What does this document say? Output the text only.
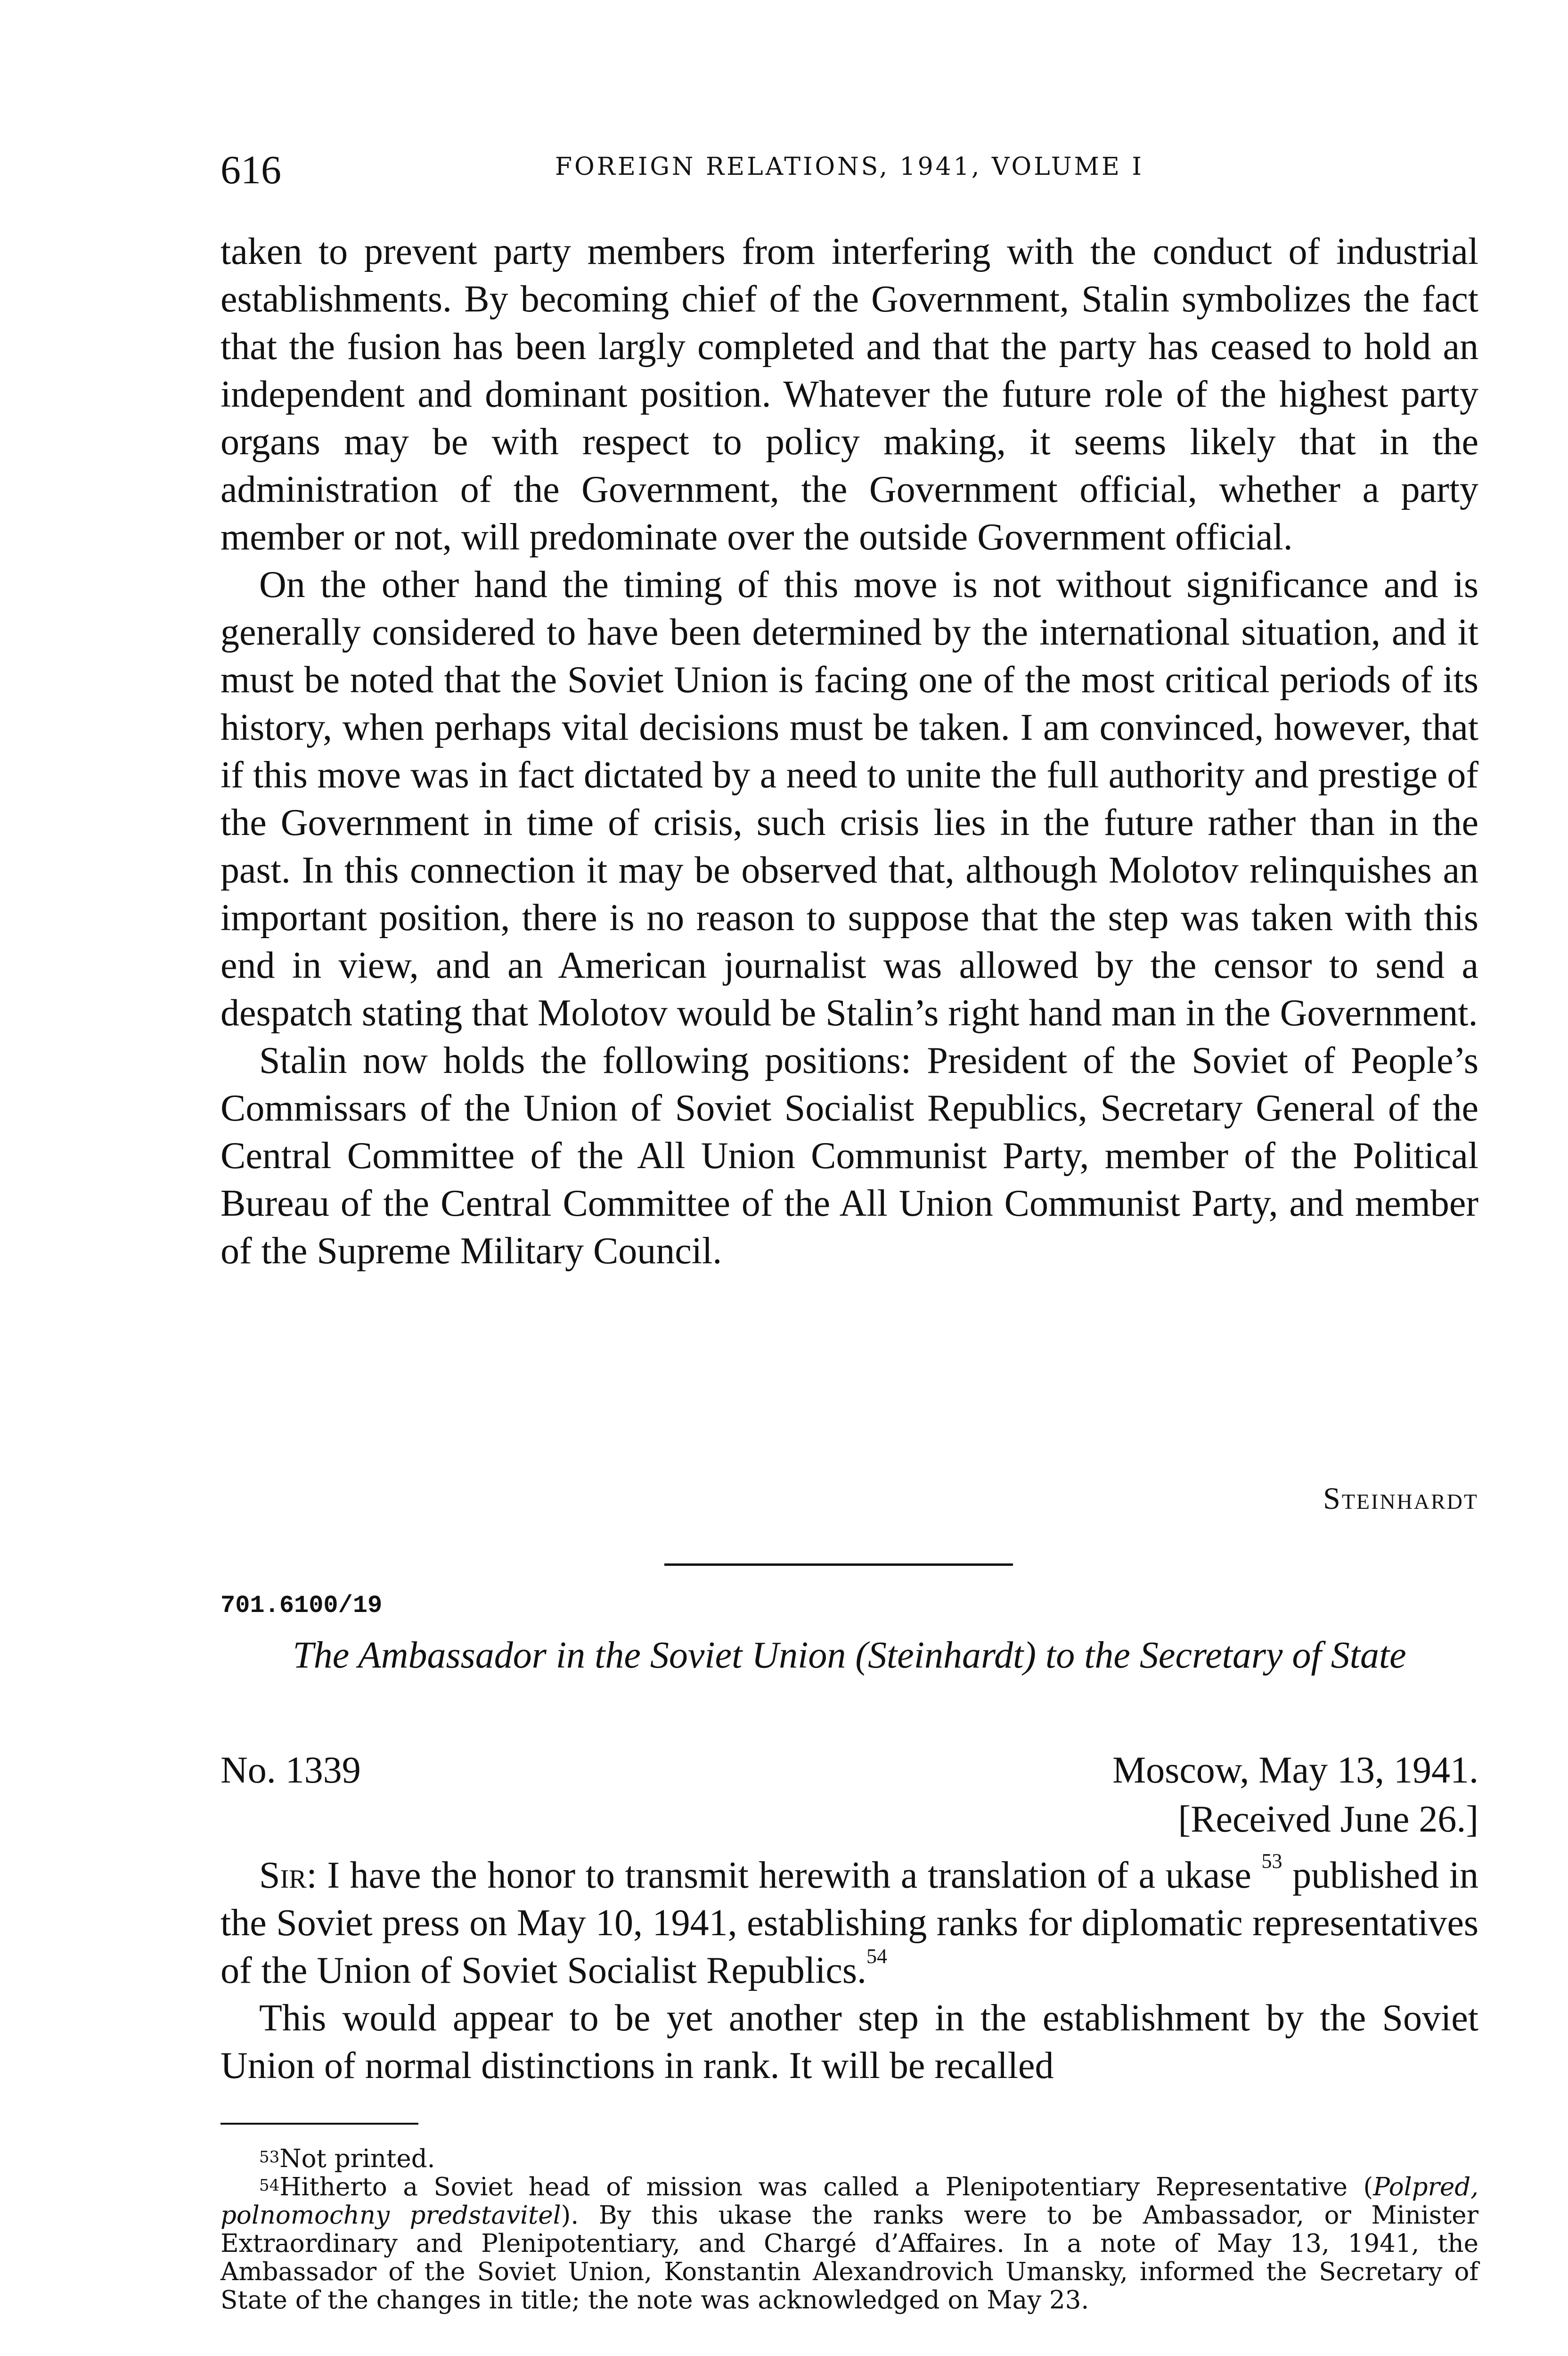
616	FOREIGN RELATIONS, 1941, VOLUME I

taken to prevent party members from interfering with the conduct of industrial establishments. By becoming chief of the Government, Stalin symbolizes the fact that the fusion has been largly completed and that the party has ceased to hold an independent and dominant position. Whatever the future role of the highest party organs may be with respect to policy making, it seems likely that in the administration of the Government, the Government official, whether a party member or not, will predominate over the outside Government official.

On the other hand the timing of this move is not without significance and is generally considered to have been determined by the international situation, and it must be noted that the Soviet Union is facing one of the most critical periods of its history, when perhaps vital decisions must be taken. I am convinced, however, that if this move was in fact dictated by a need to unite the full authority and prestige of the Government in time of crisis, such crisis lies in the future rather than in the past. In this connection it may be observed that, although Molotov relinquishes an important position, there is no reason to suppose that the step was taken with this end in view, and an American journalist was allowed by the censor to send a despatch stating that Molotov would be Stalin’s right hand man in the Government.

Stalin now holds the following positions: President of the Soviet of People’s Commissars of the Union of Soviet Socialist Republics, Secretary General of the Central Committee of the All Union Communist Party, member of the Political Bureau of the Central Committee of the All Union Communist Party, and member of the Supreme Military Council.

Steinhardt
701.6100/19
The Ambassador in the Soviet Union (Steinhardt) to the Secretary of State
No. 1339	Moscow, May 13, 1941.
[Received June 26.]

Sir: I have the honor to transmit herewith a translation of a ukase $^{53}$ published in the Soviet press on May 10, 1941, establishing ranks for diplomatic representatives of the Union of Soviet Socialist Republics.$^{54}$

This would appear to be yet another step in the establishment by the Soviet Union of normal distinctions in rank. It will be recalled

$^{53}$Not printed.

$^{54}$Hitherto a Soviet head of mission was called a Plenipotentiary Representative (Polpred, polnomochny predstavitel). By this ukase the ranks were to be Ambassador, or Minister Extraordinary and Plenipotentiary, and Chargé d’Affaires. In a note of May 13, 1941, the Ambassador of the Soviet Union, Konstantin Alexandrovich Umansky, informed the Secretary of State of the changes in title; the note was acknowledged on May 23.
